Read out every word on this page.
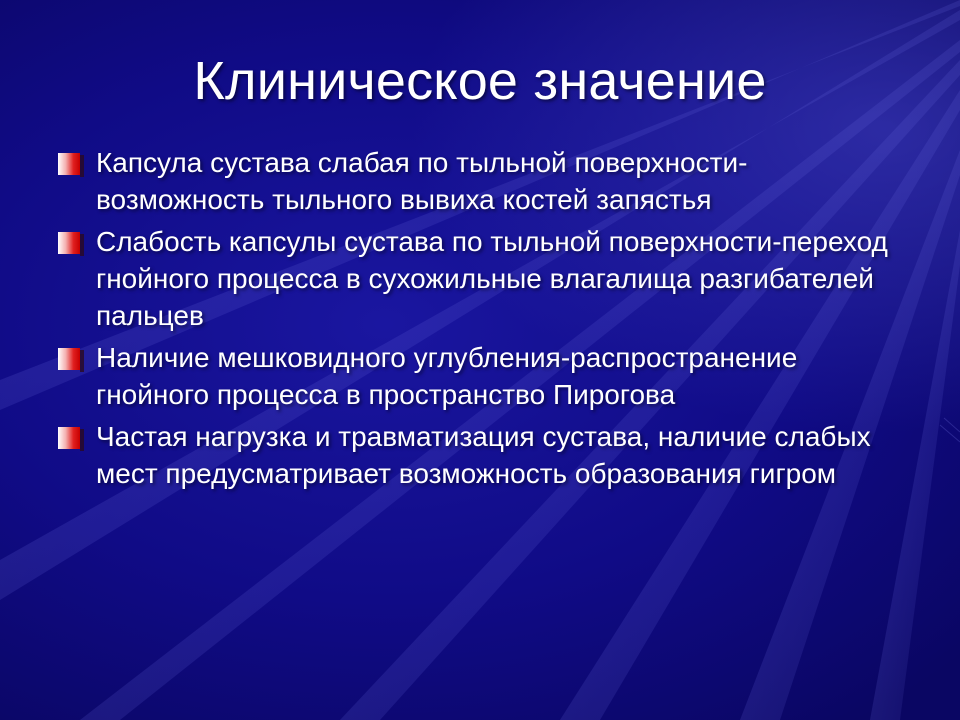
Клиническое значение
Капсула сустава слабая по тыльной поверхности-возможность тыльного вывиха костей запястья
Слабость капсулы сустава по тыльной поверхности-переход гнойного процесса в сухожильные влагалища разгибателей пальцев
Наличие мешковидного углубления-распространение гнойного процесса в пространство Пирогова
Частая нагрузка и травматизация сустава, наличие слабых мест предусматривает возможность образования гигром
